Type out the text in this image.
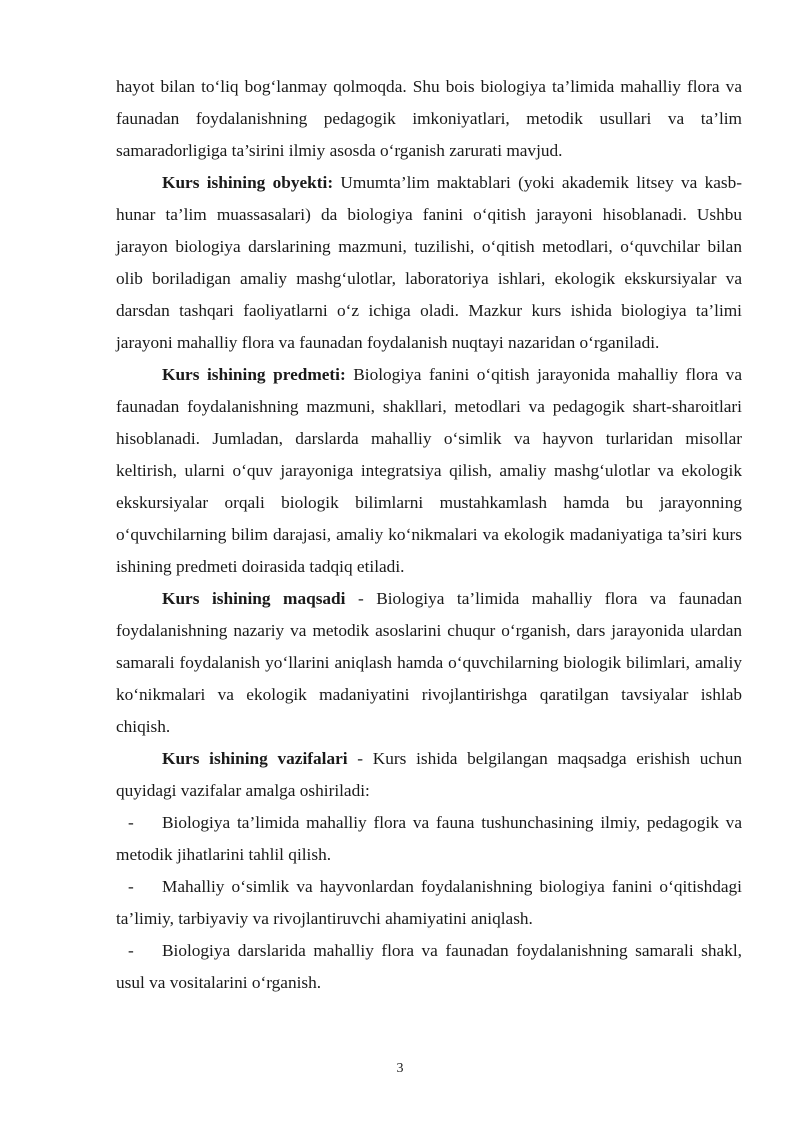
hayot bilan to‘liq bog‘lanmay qolmoqda. Shu bois biologiya ta’limida mahalliy flora va faunadan foydalanishning pedagogik imkoniyatlari, metodik usullari va ta’lim samaradorligiga ta’sirini ilmiy asosda o‘rganish zarurati mavjud.

Kurs ishining obyekti: Umumta’lim maktablari (yoki akademik litsey va kasb-hunar ta’lim muassasalari) da biologiya fanini o‘qitish jarayoni hisoblanadi. Ushbu jarayon biologiya darslarining mazmuni, tuzilishi, o‘qitish metodlari, o‘quvchilar bilan olib boriladigan amaliy mashg‘ulotlar, laboratoriya ishlari, ekologik ekskursiyalar va darsdan tashqari faoliyatlarni o‘z ichiga oladi. Mazkur kurs ishida biologiya ta’limi jarayoni mahalliy flora va faunadan foydalanish nuqtayi nazaridan o‘rganiladi.

Kurs ishining predmeti: Biologiya fanini o‘qitish jarayonida mahalliy flora va faunadan foydalanishning mazmuni, shakllari, metodlari va pedagogik shart-sharoitlari hisoblanadi. Jumladan, darslarda mahalliy o‘simlik va hayvon turlaridan misollar keltirish, ularni o‘quv jarayoniga integratsiya qilish, amaliy mashg‘ulotlar va ekologik ekskursiyalar orqali biologik bilimlarni mustahkamlash hamda bu jarayonning o‘quvchilarning bilim darajasi, amaliy ko‘nikmalari va ekologik madaniyatiga ta’siri kurs ishining predmeti doirasida tadqiq etiladi.

Kurs ishining maqsadi - Biologiya ta’limida mahalliy flora va faunadan foydalanishning nazariy va metodik asoslarini chuqur o‘rganish, dars jarayonida ulardan samarali foydalanish yo‘llarini aniqlash hamda o‘quvchilarning biologik bilimlari, amaliy ko‘nikmalari va ekologik madaniyatini rivojlantirishga qaratilgan tavsiyalar ishlab chiqish.

Kurs ishining vazifalari - Kurs ishida belgilangan maqsadga erishish uchun quyidagi vazifalar amalga oshiriladi:

- Biologiya ta’limida mahalliy flora va fauna tushunchasining ilmiy, pedagogik va metodik jihatlarini tahlil qilish.

- Mahalliy o‘simlik va hayvonlardan foydalanishning biologiya fanini o‘qitishdagi ta’limiy, tarbiyaviy va rivojlantiruvchi ahamiyatini aniqlash.

- Biologiya darslarida mahalliy flora va faunadan foydalanishning samarali shakl, usul va vositalarini o‘rganish.

3
